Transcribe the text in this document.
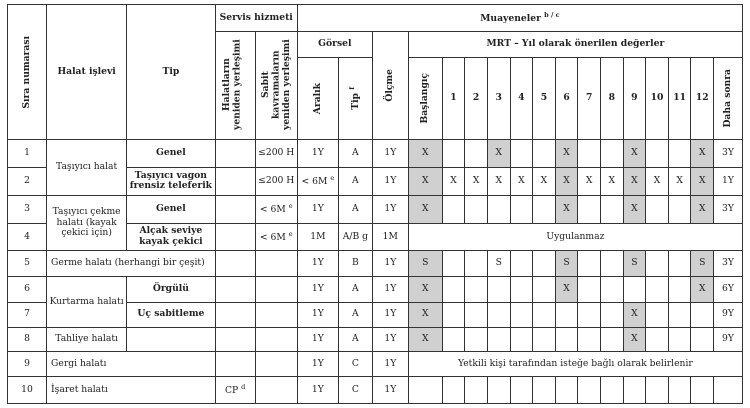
Sıra numarası	Halat işlevi	Tip	Servis hizmeti		Muayeneler $^{b / c}$

			Halatların yeniden yerleşimi	Sabit kavramaların yeniden yerleşimi	Görsel		Ölçme	MRT – Yıl olarak önerilen değerler													

					Aralık	Tip $^f$		Başlangıç	1	2	3	4	5	6	7	8	9	10	11	12	Daha sonra

1	Taşıyıcı halat	Genel		≤200 H	1Y	A	1Y	X			X			X			X			X	3Y
2		Taşıyıcı vagon frensiz teleferik		≤200 H	< 6M $^e$	A	1Y	X	X	X	X	X	X	X	X	X	X	X	X	X	1Y
3	Taşıyıcı çekme halatı (kayak çekici için)	Genel		< 6M $^e$	1Y	A	1Y	X						X			X			X	3Y
4		Alçak seviye kayak çekici		< 6M $^e$	1M	A/B g	1M	Uygulanmaz													
5	Germe halatı (herhangi bir çeşit)				1Y	B	1Y	S			S			S			S			S	3Y
6	Kurtarma halatı	Örgülü			1Y	A	1Y	X						X						X	6Y
7		Uç sabitleme			1Y	A	1Y	X									X				9Y
8	Tahliye halatı				1Y	A	1Y	X									X				9Y
9	Gergi halatı				1Y	C	1Y	Yetkili kişi tarafından isteğe bağlı olarak belirlenir													
10	İşaret halatı		CP $^d$		1Y	C	1Y														
